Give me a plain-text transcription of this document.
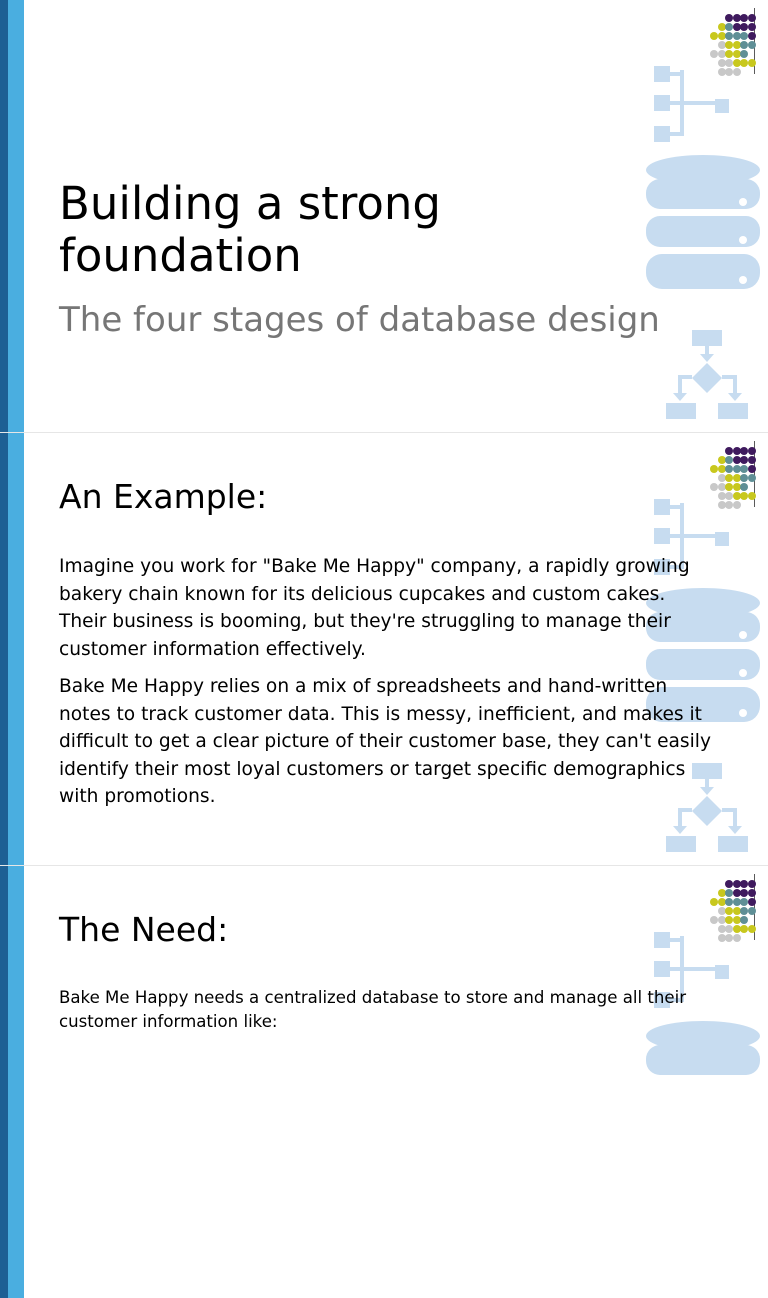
Building a strong foundation
The four stages of database design
An Example:

Imagine you work for "Bake Me Happy" company, a rapidly growing bakery chain known for its delicious cupcakes and custom cakes. Their business is booming, but they're struggling to manage their customer information effectively.

Bake Me Happy relies on a mix of spreadsheets and hand-written notes to track customer data. This is messy, inefficient, and makes it difficult to get a clear picture of their customer base, they can't easily identify their most loyal customers or target specific demographics with promotions.

The Need:

Bake Me Happy needs a centralized database to store and manage all their customer information like:
